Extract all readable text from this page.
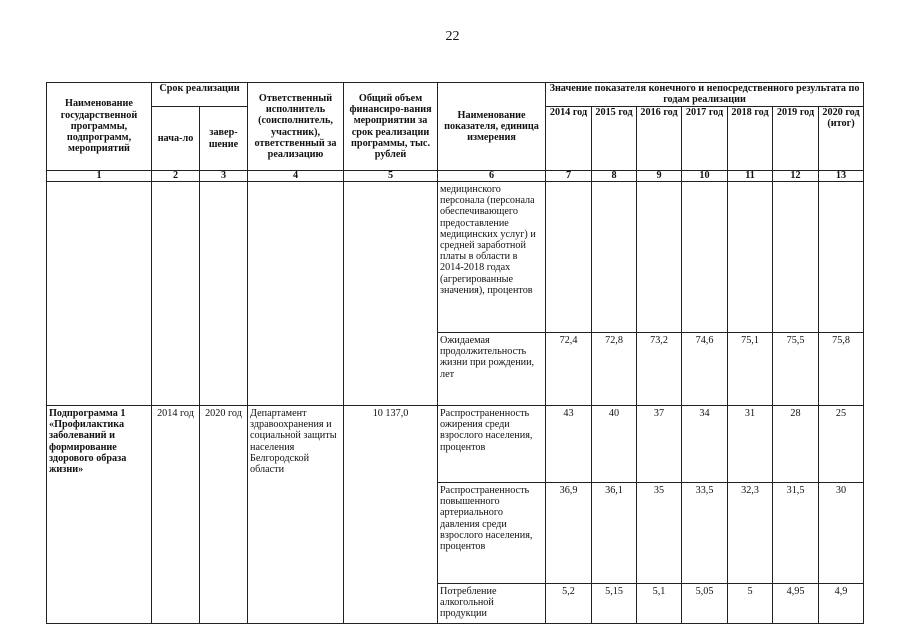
22
Наименование государственной программы, подпрограмм, мероприятий	Срок реализации		Ответственный исполнитель (соисполнитель, участник), ответственный за реализацию	Общий объем финансиро-вания мероприятии за срок реализации программы, тыс. рублей	Наименование показателя, единица измерения	Значение показателя конечного и непосредственного результата по годам реализации						
	нача-ло	завер-шение				2014 год	2015 год	2016 год	2017 год	2018 год	2019 год	2020 год (итог)
1	2	3	4	5	6	7	8	9	10	11	12	13
					медицинского персонала (персонала обеспечивающего предоставление медицинских услуг) и средней заработной платы в области в 2014-2018 годах (агрегированные значения), процентов							
					Ожидаемая продолжительность жизни при рождении, лет	72,4	72,8	73,2	74,6	75,1	75,5	75,8
Подпрограмма 1 «Профилактика заболеваний и формирование здорового образа жизни»	2014 год	2020 год	Департамент здравоохранения и социальной защиты населения Белгородской области	10 137,0	Распространенность ожирения среди взрослого населения, процентов	43	40	37	34	31	28	25
					Распространенность повышенного артериального давления среди взрослого населения, процентов	36,9	36,1	35	33,5	32,3	31,5	30
					Потребление алкогольной продукции	5,2	5,15	5,1	5,05	5	4,95	4,9
